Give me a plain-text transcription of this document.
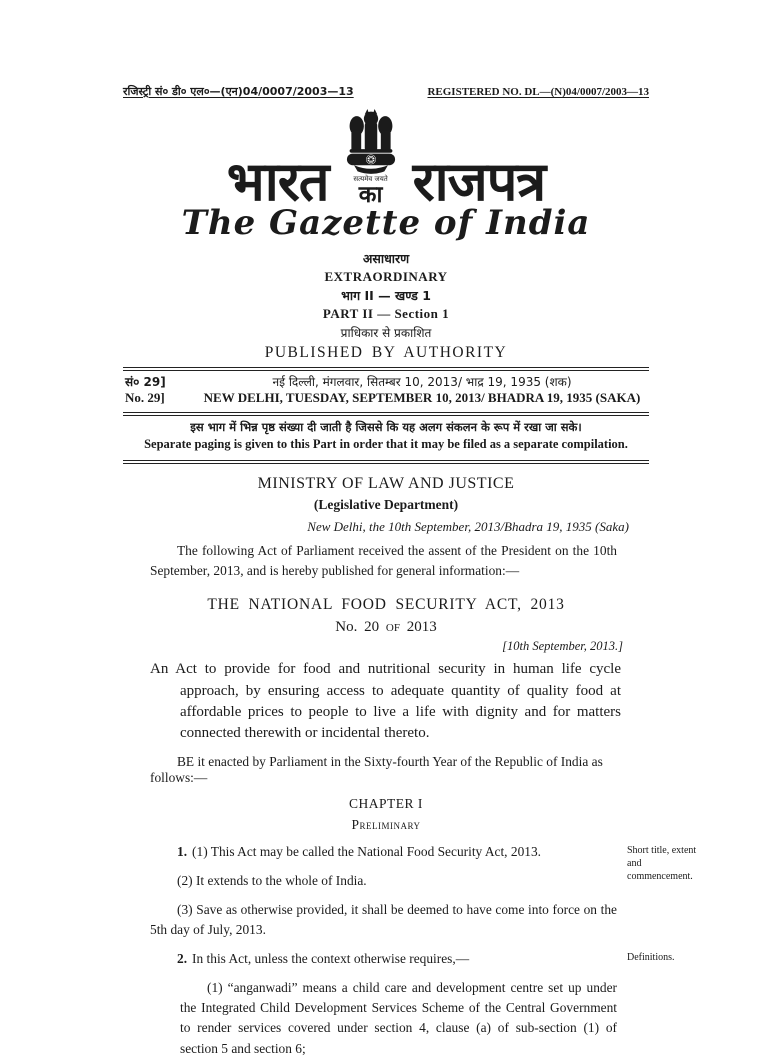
रजिस्ट्री सं० डी० एल०—(एन)04/0007/2003—13	REGISTERED NO. DL—(N)04/0007/2003—13
भारत	सत्यमेव जयते
का राजपत्र
The Gazette of India
असाधारण
EXTRAORDINARY
भाग II — खण्ड 1
PART II — Section 1
प्राधिकार से प्रकाशित
PUBLISHED BY AUTHORITY
सं० 29]	नई दिल्ली, मंगलवार, सितम्बर 10, 2013/ भाद्र 19, 1935 (शक)
No. 29]	NEW DELHI, TUESDAY, SEPTEMBER 10, 2013/ BHADRA 19, 1935 (SAKA)
इस भाग में भिन्न पृष्ठ संख्या दी जाती है जिससे कि यह अलग संकलन के रूप में रखा जा सके।
Separate paging is given to this Part in order that it may be filed as a separate compilation.
MINISTRY OF LAW AND JUSTICE
(Legislative Department)
New Delhi, the 10th September, 2013/Bhadra 19, 1935 (Saka)
The following Act of Parliament received the assent of the President on the 10th September, 2013, and is hereby published for general information:—
THE NATIONAL FOOD SECURITY ACT, 2013
No. 20 OF 2013
[10th September, 2013.]
An Act to provide for food and nutritional security in human life cycle approach, by ensuring access to adequate quantity of quality food at affordable prices to people to live a life with dignity and for matters connected therewith or incidental thereto.
BE it enacted by Parliament in the Sixty-fourth Year of the Republic of India as follows:—
CHAPTER I
Preliminary
1. (1) This Act may be called the National Food Security Act, 2013.	Short title, extent and commencement.
(2) It extends to the whole of India.
(3) Save as otherwise provided, it shall be deemed to have come into force on the 5th day of July, 2013.
2. In this Act, unless the context otherwise requires,—	Definitions.
(1) “anganwadi” means a child care and development centre set up under the Integrated Child Development Services Scheme of the Central Government to render services covered under section 4, clause (a) of sub-section (1) of section 5 and section 6;
